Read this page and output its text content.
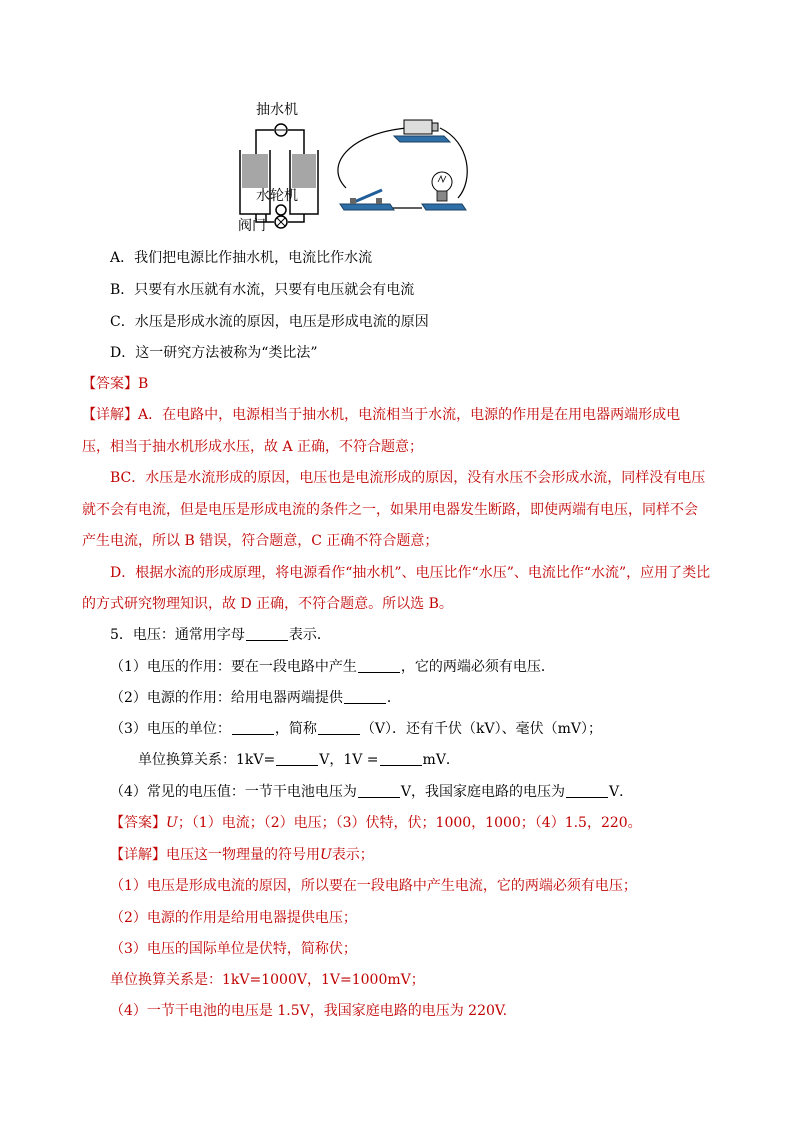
抽水机
水轮机
阀门
A．我们把电源比作抽水机，电流比作水流
B．只要有水压就有水流，只要有电压就会有电流
C．水压是形成水流的原因，电压是形成电流的原因
D．这一研究方法被称为“类比法”
【答案】B
【详解】A．在电路中，电源相当于抽水机，电流相当于水流，电源的作用是在用电器两端形成电
压，相当于抽水机形成水压，故 A 正确，不符合题意；
BC．水压是水流形成的原因，电压也是电流形成的原因，没有水压不会形成水流，同样没有电压
就不会有电流，但是电压是形成电流的条件之一，如果用电器发生断路，即使两端有电压，同样不会
产生电流，所以 B 错误，符合题意，C 正确不符合题意；
D．根据水流的形成原理，将电源看作“抽水机”、电压比作“水压”、电流比作“水流”，应用了类比
的方式研究物理知识，故 D 正确，不符合题意。所以选 B。
5．电压：通常用字母	表示．
（1）电压的作用：要在一段电路中产生	，它的两端必须有电压．
（2）电源的作用：给用电器两端提供	．
（3）电压的单位：	，简称	（V）．还有千伏（kV）、毫伏（mV）；
单位换算关系：1kV=	V，1V =	mV．
（4）常见的电压值：一节干电池电压为	V，我国家庭电路的电压为	V．
【答案】U；（1）电流；（2）电压；（3）伏特，伏；1000，1000；（4）1.5，220。
【详解】电压这一物理量的符号用U表示；
（1）电压是形成电流的原因，所以要在一段电路中产生电流，它的两端必须有电压；
（2）电源的作用是给用电器提供电压；
（3）电压的国际单位是伏特，简称伏；
单位换算关系是：1kV=1000V，1V=1000mV；
（4）一节干电池的电压是 1.5V，我国家庭电路的电压为 220V.
